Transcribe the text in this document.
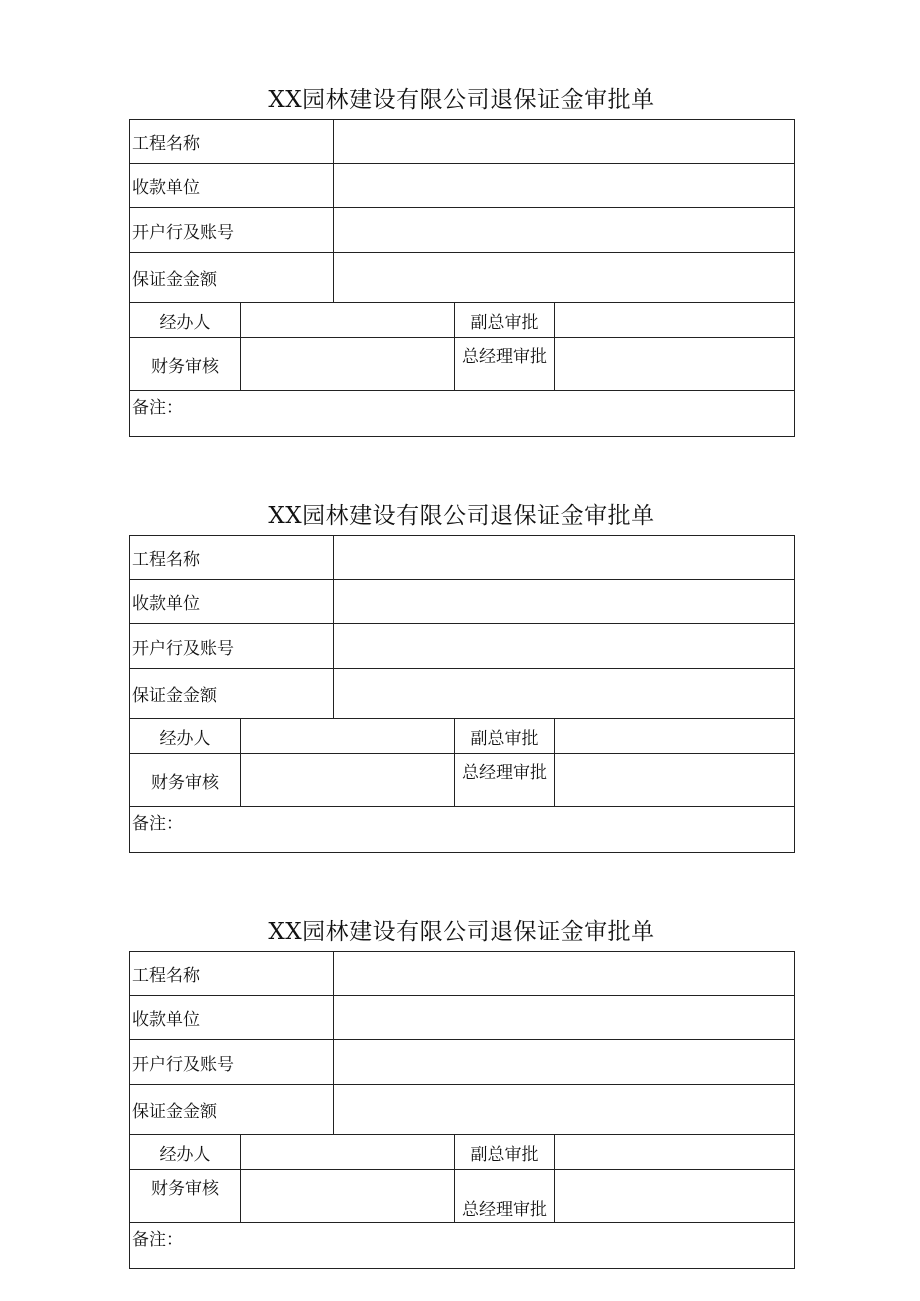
XX园林建设有限公司退保证金审批单
工程名称				
收款单位				
开户行及账号				
保证金金额				
经办人			副总审批	
财务审核			总经理审批	
备注：				
XX园林建设有限公司退保证金审批单
工程名称				
收款单位				
开户行及账号				
保证金金额				
经办人			副总审批	
财务审核			总经理审批	
备注：				
XX园林建设有限公司退保证金审批单
工程名称				
收款单位				
开户行及账号				
保证金金额				
经办人			副总审批	
财务审核			总经理审批	
备注：				
